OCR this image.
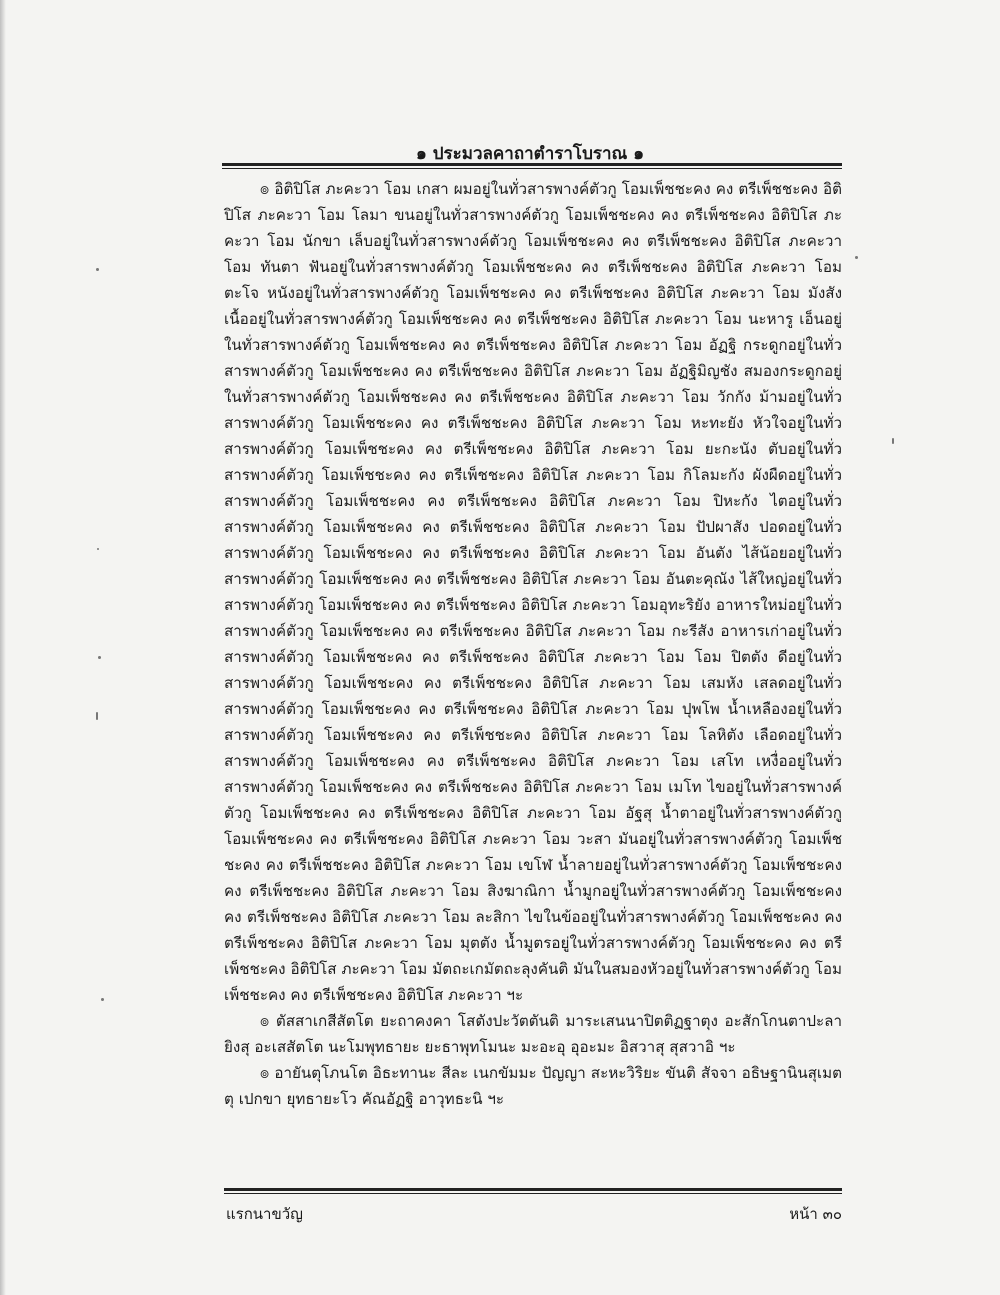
๑ ประมวลคาถาตำราโบราณ ๑

๏ อิติปิโส ภะคะวา โอม เกสา ผมอยู่ในทั่วสารพางค์ตัวกู โอมเพ็ชชะคง คง ตรีเพ็ชชะคง อิติปิโส ภะคะวา โอม โลมา ขนอยู่ในทั่วสารพางค์ตัวกู โอมเพ็ชชะคง คง ตรีเพ็ชชะคง อิติปิโส ภะคะวา โอม นักขา เล็บอยู่ในทั่วสารพางค์ตัวกู โอมเพ็ชชะคง คง ตรีเพ็ชชะคง อิติปิโส ภะคะวา โอม ทันตา ฟันอยู่ในทั่วสารพางค์ตัวกู โอมเพ็ชชะคง คง ตรีเพ็ชชะคง อิติปิโส ภะคะวา โอม ตะโจ หนังอยู่ในทั่วสารพางค์ตัวกู โอมเพ็ชชะคง คง ตรีเพ็ชชะคง อิติปิโส ภะคะวา โอม มังสัง เนื้ออยู่ในทั่วสารพางค์ตัวกู โอมเพ็ชชะคง คง ตรีเพ็ชชะคง อิติปิโส ภะคะวา โอม นะหารู เอ็นอยู่ในทั่วสารพางค์ตัวกู โอมเพ็ชชะคง คง ตรีเพ็ชชะคง อิติปิโส ภะคะวา โอม อัฏฐิ กระดูกอยู่ในทั่วสารพางค์ตัวกู โอมเพ็ชชะคง คง ตรีเพ็ชชะคง อิติปิโส ภะคะวา โอม อัฏฐิมิญชัง สมองกระดูกอยู่ในทั่วสารพางค์ตัวกู โอมเพ็ชชะคง คง ตรีเพ็ชชะคง อิติปิโส ภะคะวา โอม วักกัง ม้ามอยู่ในทั่วสารพางค์ตัวกู โอมเพ็ชชะคง คง ตรีเพ็ชชะคง อิติปิโส ภะคะวา โอม หะทะยัง หัวใจอยู่ในทั่วสารพางค์ตัวกู โอมเพ็ชชะคง คง ตรีเพ็ชชะคง อิติปิโส ภะคะวา โอม ยะกะนัง ตับอยู่ในทั่วสารพางค์ตัวกู โอมเพ็ชชะคง คง ตรีเพ็ชชะคง อิติปิโส ภะคะวา โอม กิโลมะกัง ผังผืดอยู่ในทั่วสารพางค์ตัวกู โอมเพ็ชชะคง คง ตรีเพ็ชชะคง อิติปิโส ภะคะวา โอม ปิหะกัง ไตอยู่ในทั่วสารพางค์ตัวกู โอมเพ็ชชะคง คง ตรีเพ็ชชะคง อิติปิโส ภะคะวา โอม ปัปผาสัง ปอดอยู่ในทั่วสารพางค์ตัวกู โอมเพ็ชชะคง คง ตรีเพ็ชชะคง อิติปิโส ภะคะวา โอม อันตัง ไส้น้อยอยู่ในทั่วสารพางค์ตัวกู โอมเพ็ชชะคง คง ตรีเพ็ชชะคง อิติปิโส ภะคะวา โอม อันตะคุณัง ไส้ใหญ่อยู่ในทั่วสารพางค์ตัวกู โอมเพ็ชชะคง คง ตรีเพ็ชชะคง อิติปิโส ภะคะวา โอมอุทะริยัง อาหารใหม่อยู่ในทั่วสารพางค์ตัวกู โอมเพ็ชชะคง คง ตรีเพ็ชชะคง อิติปิโส ภะคะวา โอม กะรีสัง อาหารเก่าอยู่ในทั่วสารพางค์ตัวกู โอมเพ็ชชะคง คง ตรีเพ็ชชะคง อิติปิโส ภะคะวา โอม โอม ปิตตัง ดีอยู่ในทั่วสารพางค์ตัวกู โอมเพ็ชชะคง คง ตรีเพ็ชชะคง อิติปิโส ภะคะวา โอม เสมหัง เสลดอยู่ในทั่วสารพางค์ตัวกู โอมเพ็ชชะคง คง ตรีเพ็ชชะคง อิติปิโส ภะคะวา โอม ปุพโพ น้ำเหลืองอยู่ในทั่วสารพางค์ตัวกู โอมเพ็ชชะคง คง ตรีเพ็ชชะคง อิติปิโส ภะคะวา โอม โลหิตัง เลือดอยู่ในทั่วสารพางค์ตัวกู โอมเพ็ชชะคง คง ตรีเพ็ชชะคง อิติปิโส ภะคะวา โอม เสโท เหงื่ออยู่ในทั่วสารพางค์ตัวกู โอมเพ็ชชะคง คง ตรีเพ็ชชะคง อิติปิโส ภะคะวา โอม เมโท ไขอยู่ในทั่วสารพางค์ตัวกู โอมเพ็ชชะคง คง ตรีเพ็ชชะคง อิติปิโส ภะคะวา โอม อัฐสุ น้ำตาอยู่ในทั่วสารพางค์ตัวกู โอมเพ็ชชะคง คง ตรีเพ็ชชะคง อิติปิโส ภะคะวา โอม วะสา มันอยู่ในทั่วสารพางค์ตัวกู โอมเพ็ชชะคง คง ตรีเพ็ชชะคง อิติปิโส ภะคะวา โอม เขโฬ น้ำลายอยู่ในทั่วสารพางค์ตัวกู โอมเพ็ชชะคง คง ตรีเพ็ชชะคง อิติปิโส ภะคะวา โอม สิงฆาณิกา น้ำมูกอยู่ในทั่วสารพางค์ตัวกู โอมเพ็ชชะคง คง ตรีเพ็ชชะคง อิติปิโส ภะคะวา โอม ละสิกา ไขในข้ออยู่ในทั่วสารพางค์ตัวกู โอมเพ็ชชะคง คง ตรีเพ็ชชะคง อิติปิโส ภะคะวา โอม มุตตัง น้ำมูตรอยู่ในทั่วสารพางค์ตัวกู โอมเพ็ชชะคง คง ตรีเพ็ชชะคง อิติปิโส ภะคะวา โอม มัตถะเกมัตถะลุงคันติ มันในสมองหัวอยู่ในทั่วสารพางค์ตัวกู โอมเพ็ชชะคง คง ตรีเพ็ชชะคง อิติปิโส ภะคะวา ฯะ

๏ ตัสสาเกสีสัตโต ยะถาคงคา โสตังปะวัตตันติ มาระเสนนาปิตติฏฐาตุง อะสักโกนตาปะลายิงสุ อะเสสัตโต นะโมพุทธายะ ยะธาพุทโมนะ มะอะอุ อุอะมะ อิสวาสุ สุสวาอิ ฯะ

๏ อายันตุโภนโต อิธะทานะ สีละ เนกขัมมะ ปัญญา สะหะวิริยะ ขันติ สัจจา อธิษฐานินสุเมตตุ เปกขา ยุทธายะโว คัณอัฏฐิ อาวุทธะนิ ฯะ

แรกนาขวัญ	หน้า ๓๐
